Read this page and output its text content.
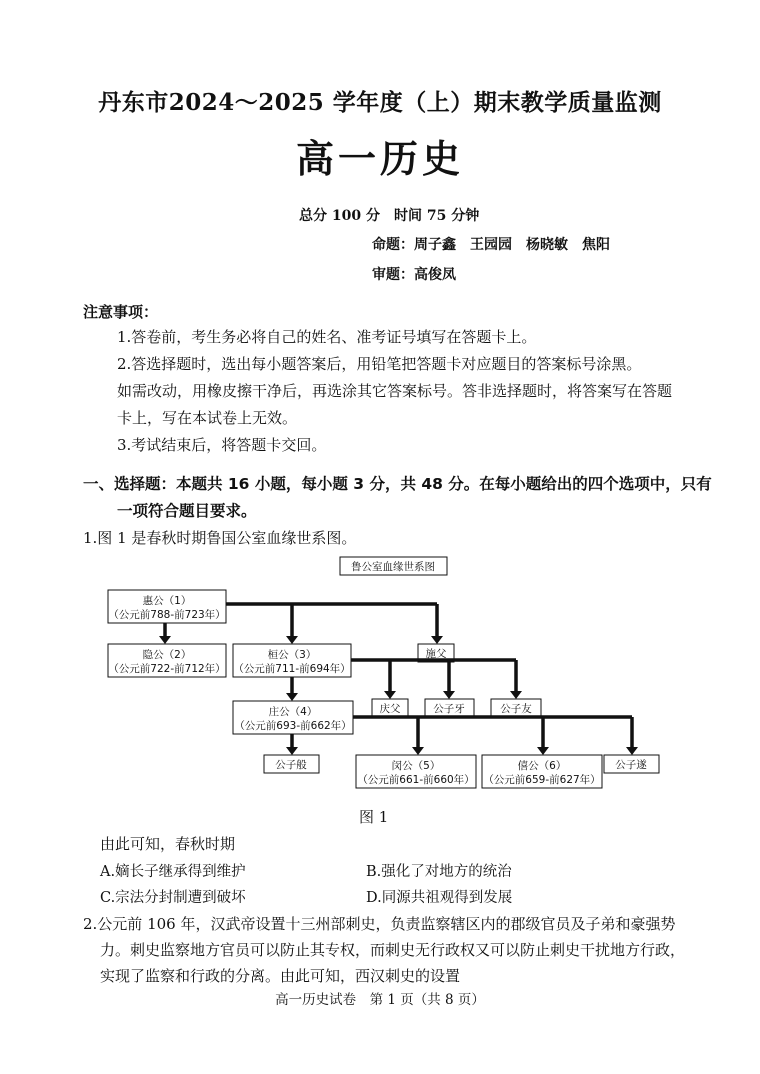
丹东市2024～2025 学年度（上）期末教学质量监测
高一历史
总分 100 分　时间 75 分钟
命题：周子鑫　王园园　杨晓敏　焦阳
审题：高俊凤
注意事项：
1.答卷前，考生务必将自己的姓名、准考证号填写在答题卡上。
2.答选择题时，选出每小题答案后，用铅笔把答题卡对应题目的答案标号涂黑。
如需改动，用橡皮擦干净后，再选涂其它答案标号。答非选择题时，将答案写在答题
卡上，写在本试卷上无效。
3.考试结束后，将答题卡交回。
一、选择题：本题共 16 小题，每小题 3 分，共 48 分。在每小题给出的四个选项中，只有
一项符合题目要求。
1.图 1 是春秋时期鲁国公室血缘世系图。
鲁公室血缘世系图
惠公（1）
（公元前788-前723年）
隐公（2）
（公元前722-前712年）
桓公（3）
（公元前711-前694年）
施父
庆父	公子牙	公子友
庄公（4）
（公元前693-前662年）
公子般	闵公（5）
（公元前661-前660年）
僖公（6）
（公元前659-前627年）
公子遂
图 1
由此可知，春秋时期
A.嫡长子继承得到维护	B.强化了对地方的统治
C.宗法分封制遭到破坏	D.同源共祖观得到发展
2.公元前 106 年，汉武帝设置十三州部刺史，负责监察辖区内的郡级官员及子弟和豪强势
力。刺史监察地方官员可以防止其专权，而刺史无行政权又可以防止刺史干扰地方行政，
实现了监察和行政的分离。由此可知，西汉刺史的设置
高一历史试卷　第 1 页（共 8 页）
